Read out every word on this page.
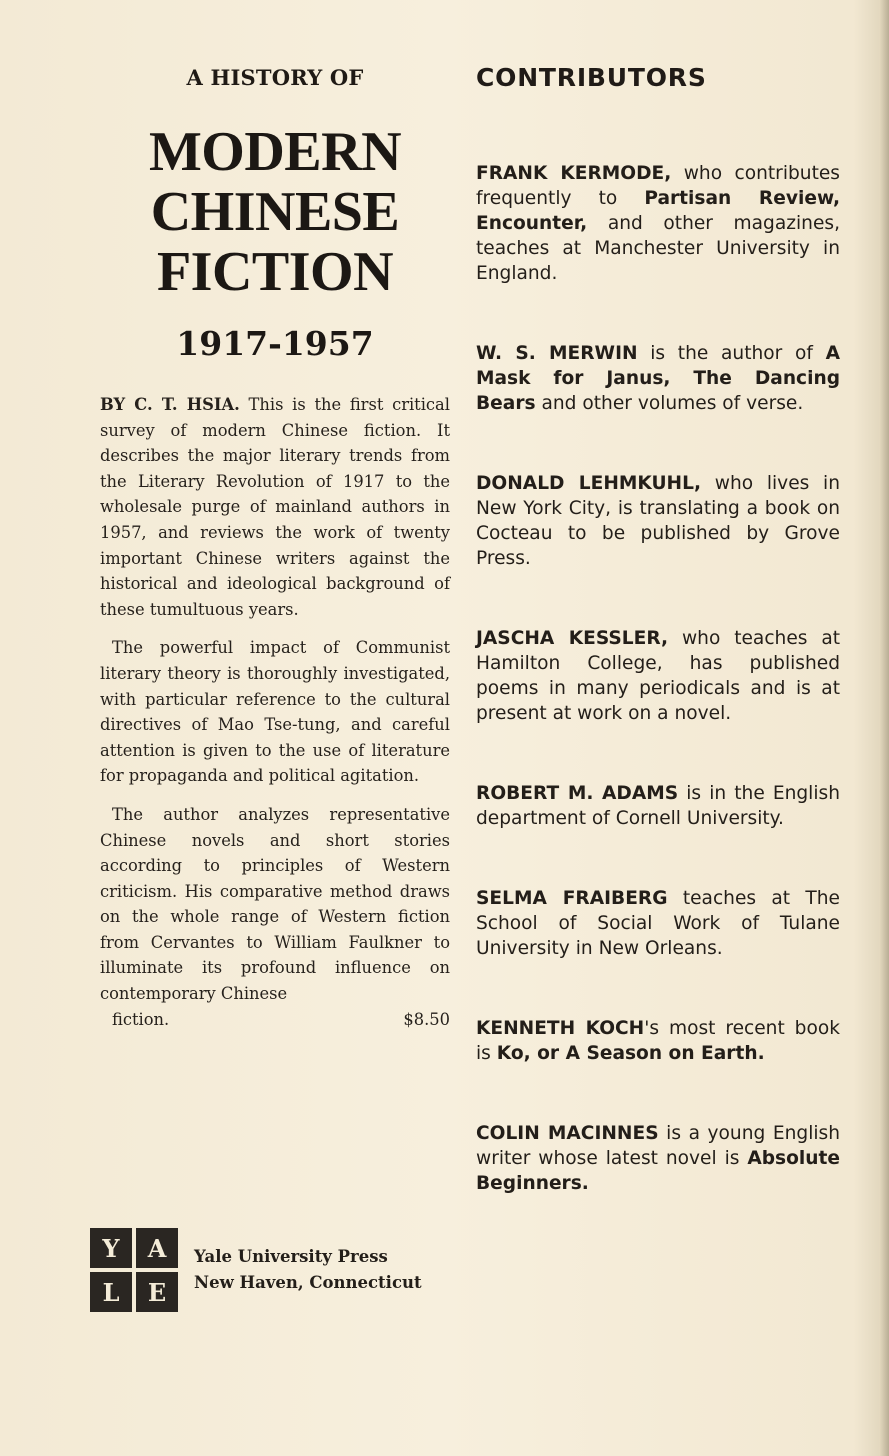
A HISTORY OF

MODERN
CHINESE
FICTION

1917-1957

BY C. T. HSIA. This is the first critical survey of modern Chinese fiction. It describes the major literary trends from the Literary Revolution of 1917 to the wholesale purge of mainland authors in 1957, and reviews the work of twenty important Chinese writers against the historical and ideological background of these tumultuous years.

The powerful impact of Communist literary theory is thoroughly investigated, with particular reference to the cultural directives of Mao Tse-tung, and careful attention is given to the use of literature for propaganda and political agitation.

The author analyzes representative Chinese novels and short stories according to principles of Western criticism. His comparative method draws on the whole range of Western fiction from Cervantes to William Faulkner to illuminate its profound influence on contemporary Chinese
fiction.	$8.50

Y	A
L	E
Yale University Press
New Haven, Connecticut
CONTRIBUTORS

FRANK KERMODE, who contributes frequently to Partisan Review, Encounter, and other magazines, teaches at Manchester University in England.

W. S. MERWIN is the author of A Mask for Janus, The Dancing Bears and other volumes of verse.

DONALD LEHMKUHL, who lives in New York City, is translating a book on Cocteau to be published by Grove Press.

JASCHA KESSLER, who teaches at Hamilton College, has published poems in many periodicals and is at present at work on a novel.

ROBERT M. ADAMS is in the English department of Cornell University.

SELMA FRAIBERG teaches at The School of Social Work of Tulane University in New Orleans.

KENNETH KOCH's most recent book is Ko, or A Season on Earth.

COLIN MACINNES is a young English writer whose latest novel is Absolute Beginners.
